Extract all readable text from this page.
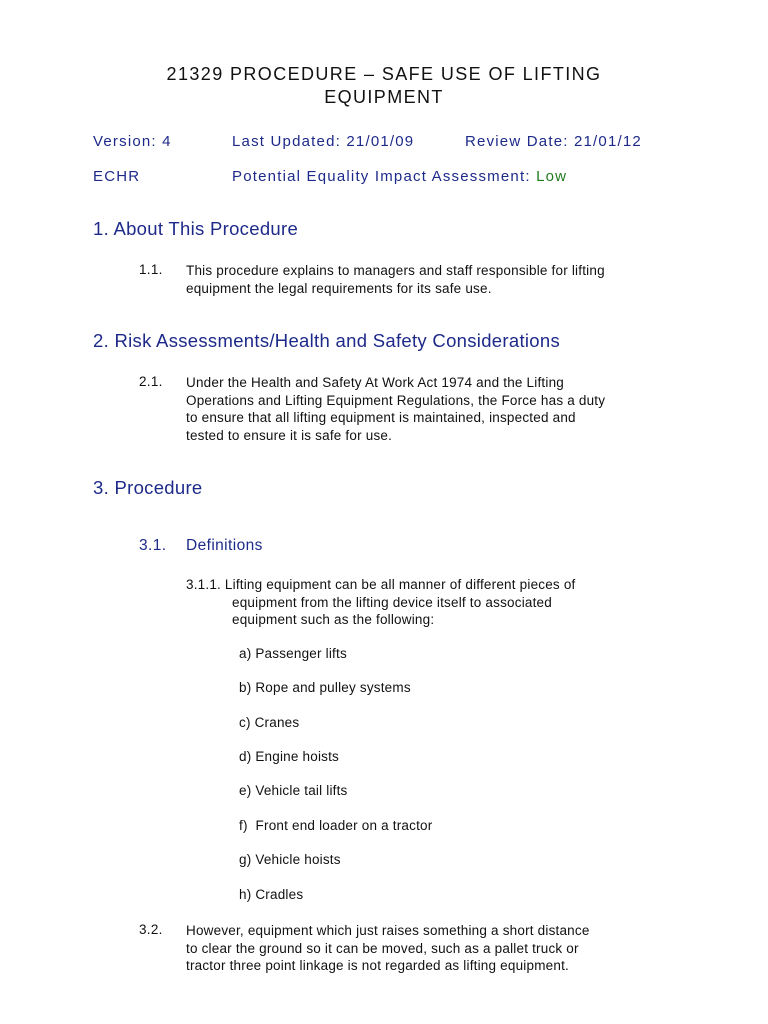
21329 PROCEDURE – SAFE USE OF LIFTING
EQUIPMENT
Version: 4	Last Updated: 21/01/09	Review Date: 21/01/12
ECHR	Potential Equality Impact Assessment: Low
1. About This Procedure
1.1. This procedure explains to managers and staff responsible for lifting
equipment the legal requirements for its safe use.
2. Risk Assessments/Health and Safety Considerations
2.1. Under the Health and Safety At Work Act 1974 and the Lifting
Operations and Lifting Equipment Regulations, the Force has a duty
to ensure that all lifting equipment is maintained, inspected and
tested to ensure it is safe for use.
3. Procedure
3.1. Definitions
3.1.1. Lifting equipment can be all manner of different pieces of
equipment from the lifting device itself to associated
equipment such as the following:
a) Passenger lifts
b) Rope and pulley systems
c) Cranes
d) Engine hoists
e) Vehicle tail lifts
f)  Front end loader on a tractor
g) Vehicle hoists
h) Cradles
3.2. However, equipment which just raises something a short distance
to clear the ground so it can be moved, such as a pallet truck or
tractor three point linkage is not regarded as lifting equipment.
